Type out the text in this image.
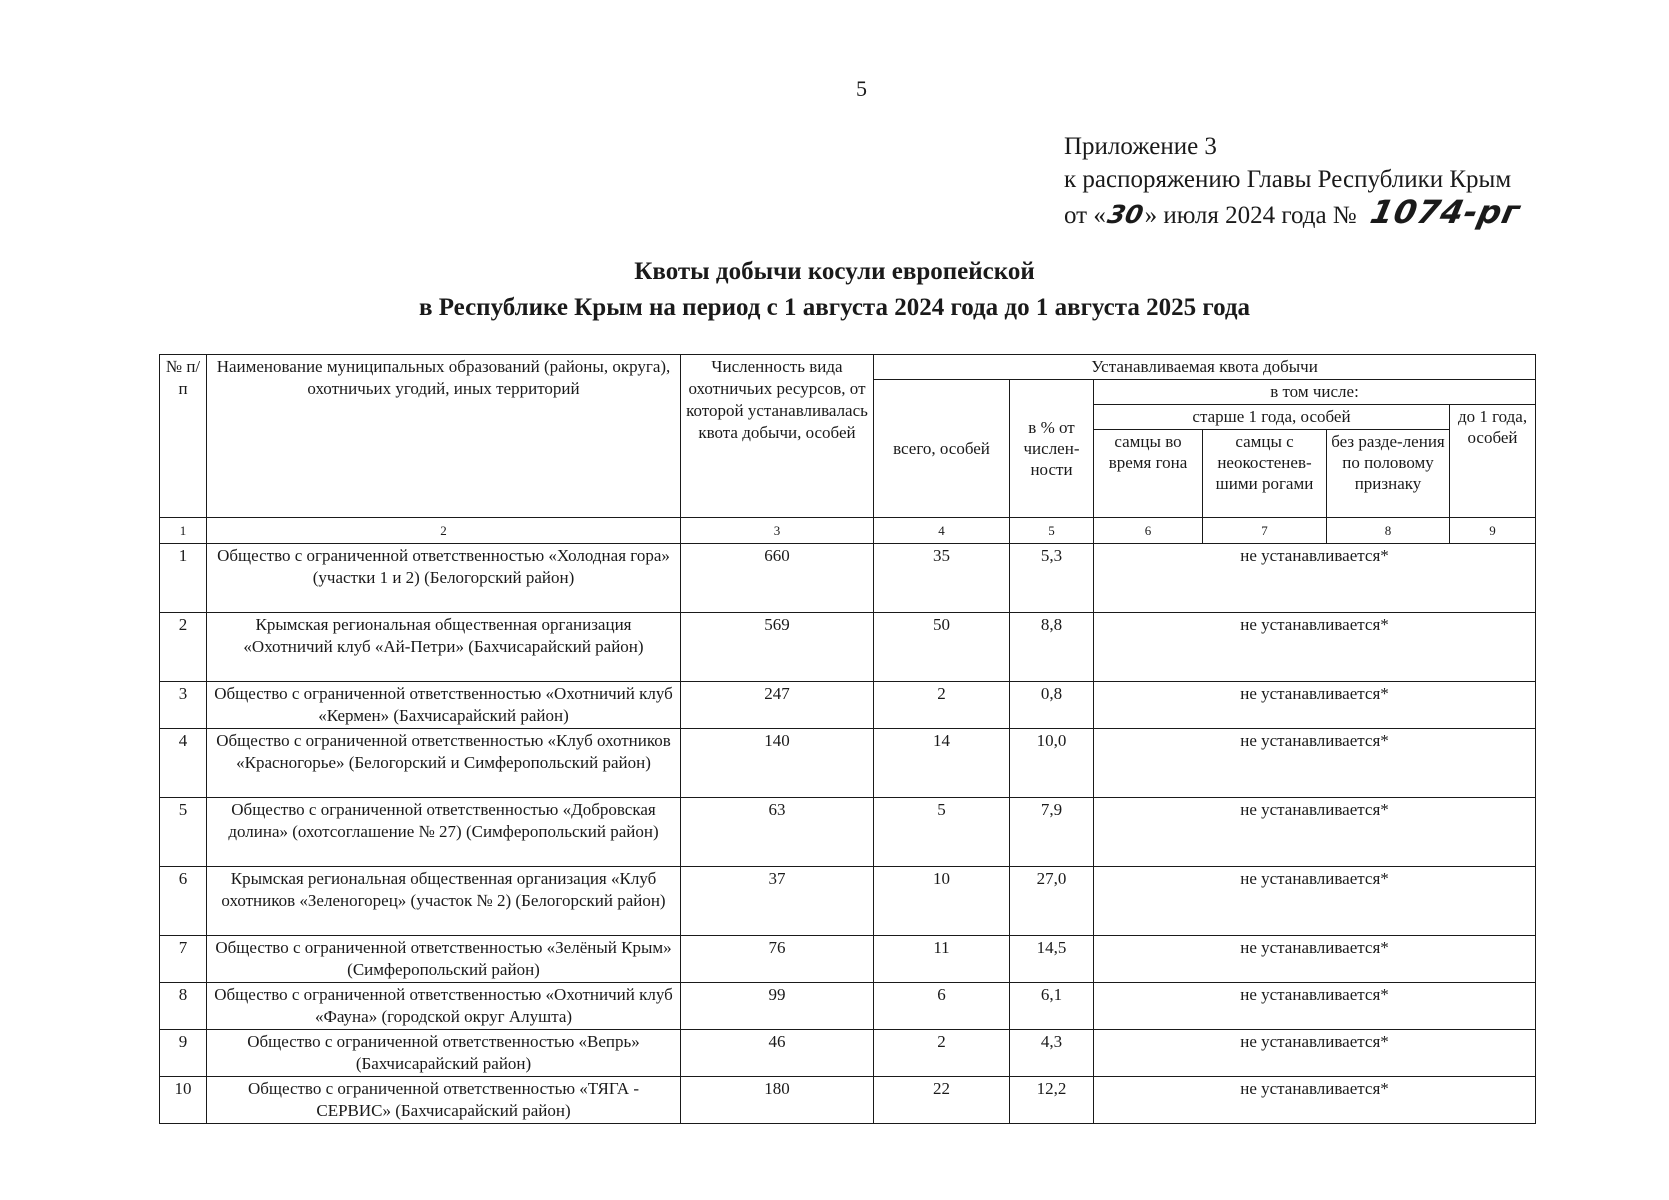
5
Приложение 3
к распоряжению Главы Республики Крым
от «30» июля 2024 года № 1074-рг
Квоты добычи косули европейской
в Республике Крым на период с 1 августа 2024 года до 1 августа 2025 года
№ п/п	Наименование муниципальных образований (районы, округа), охотничьих угодий, иных территорий	Численность вида охотничьих ресурсов, от которой устанавливалась квота добычи, особей	Устанавливаемая квота добычи					
			всего, особей	в % от числен-ности	в том числе:			
					старше 1 года, особей			до 1 года, особей
					самцы во время гона	самцы с неокостенев-шими рогами	без разде-ления по половому признаку	
1	2	3	4	5	6	7	8	9
1	Общество с ограниченной ответственностью «Холодная гора» (участки 1 и 2) (Белогорский район)	660	35	5,3	не устанавливается*			
2	Крымская региональная общественная организация «Охотничий клуб «Ай-Петри» (Бахчисарайский район)	569	50	8,8	не устанавливается*			
3	Общество с ограниченной ответственностью «Охотничий клуб «Кермен» (Бахчисарайский район)	247	2	0,8	не устанавливается*			
4	Общество с ограниченной ответственностью «Клуб охотников «Красногорье» (Белогорский и Симферопольский район)	140	14	10,0	не устанавливается*			
5	Общество с ограниченной ответственностью «Добровская долина» (охотсоглашение № 27) (Симферопольский район)	63	5	7,9	не устанавливается*			
6	Крымская региональная общественная организация «Клуб охотников «Зеленогорец» (участок № 2) (Белогорский район)	37	10	27,0	не устанавливается*			
7	Общество с ограниченной ответственностью «Зелёный Крым» (Симферопольский район)	76	11	14,5	не устанавливается*			
8	Общество с ограниченной ответственностью «Охотничий клуб «Фауна» (городской округ Алушта)	99	6	6,1	не устанавливается*			
9	Общество с ограниченной ответственностью «Вепрь» (Бахчисарайский район)	46	2	4,3	не устанавливается*			
10	Общество с ограниченной ответственностью «ТЯГА - СЕРВИС» (Бахчисарайский район)	180	22	12,2	не устанавливается*			
